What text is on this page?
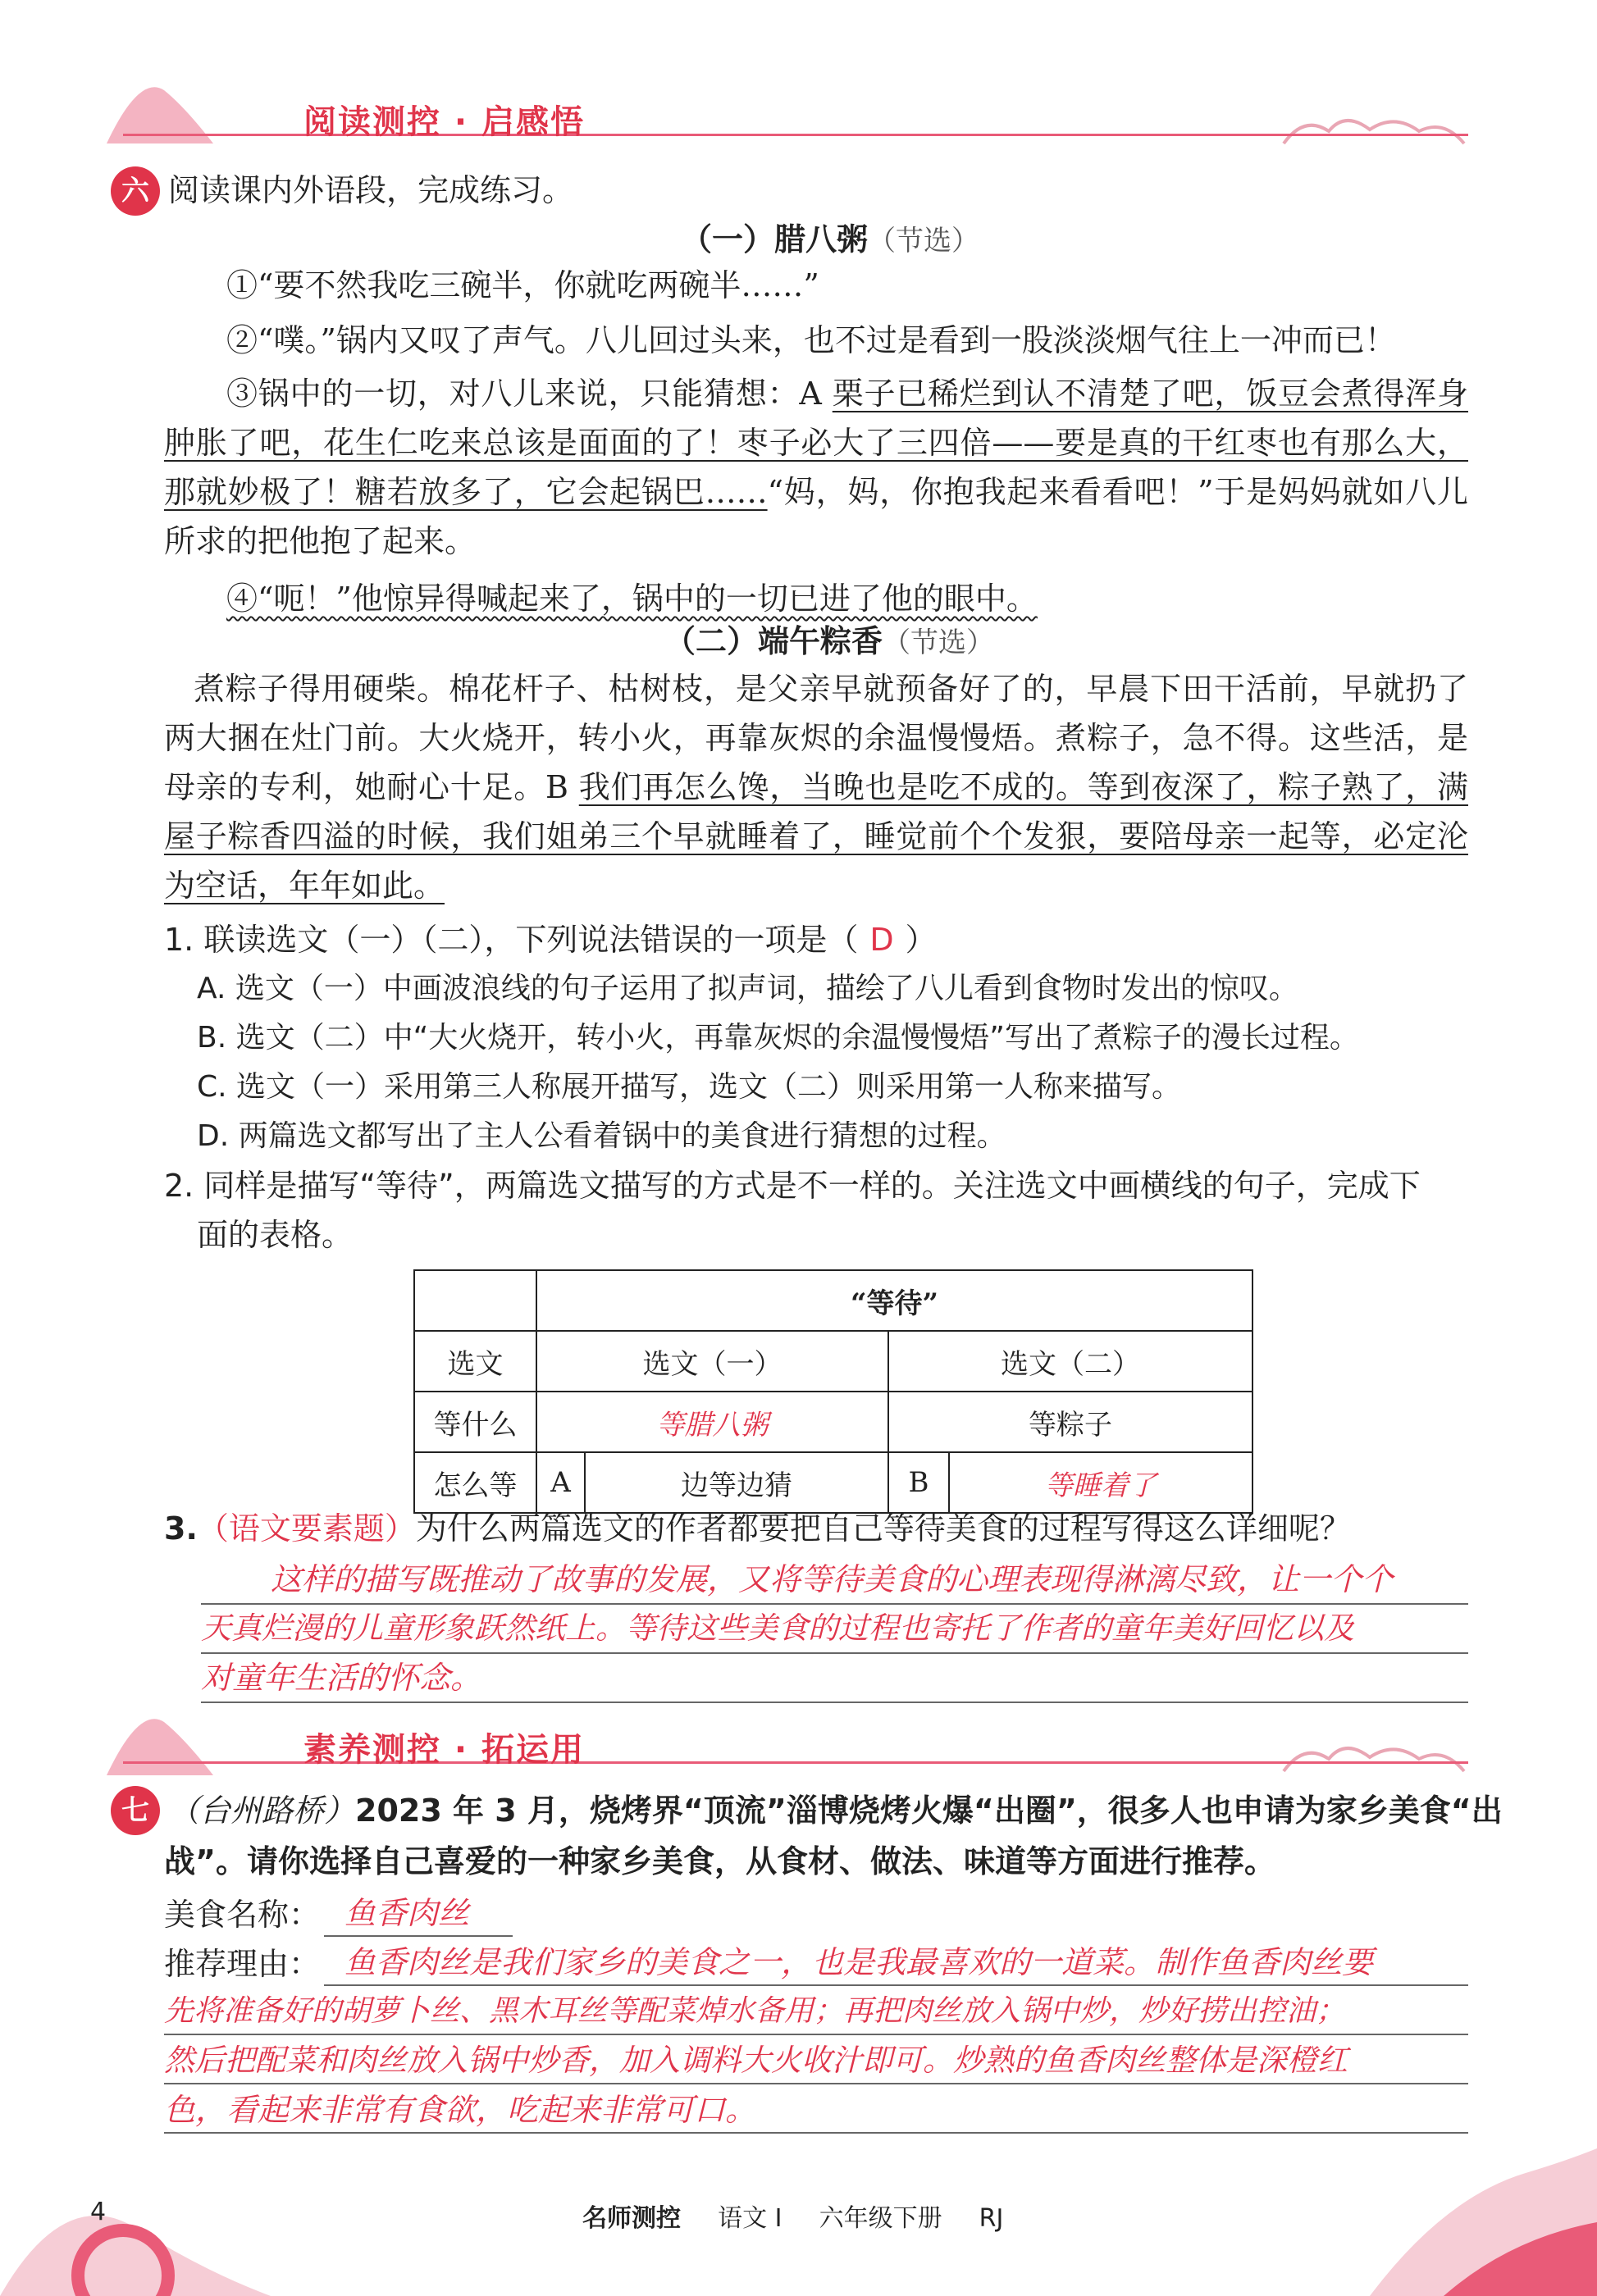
阅读测控 · 启感悟
六 阅读课内外语段，完成练习。
（一）腊八粥（节选）
①“要不然我吃三碗半，你就吃两碗半……”
②“噗。”锅内又叹了声气。八儿回过头来，也不过是看到一股淡淡烟气往上一冲而已！
③锅中的一切，对八儿来说，只能猜想：A 栗子已稀烂到认不清楚了吧，饭豆会煮得浑身肿胀了吧，花生仁吃来总该是面面的了！枣子必大了三四倍——要是真的干红枣也有那么大，那就妙极了！糖若放多了，它会起锅巴……“妈，妈，你抱我起来看看吧！”于是妈妈就如八儿所求的把他抱了起来。
④“呃！”他惊异得喊起来了，锅中的一切已进了他的眼中。
（二）端午粽香（节选）
煮粽子得用硬柴。棉花杆子、枯树枝，是父亲早就预备好了的，早晨下田干活前，早就扔了两大捆在灶门前。大火烧开，转小火，再靠灰烬的余温慢慢焐。煮粽子，急不得。这些活，是母亲的专利，她耐心十足。B 我们再怎么馋，当晚也是吃不成的。等到夜深了，粽子熟了，满屋子粽香四溢的时候，我们姐弟三个早就睡着了，睡觉前个个发狠，要陪母亲一起等，必定沦为空话，年年如此。
1. 联读选文（一）（二），下列说法错误的一项是（ D ）
A. 选文（一）中画波浪线的句子运用了拟声词，描绘了八儿看到食物时发出的惊叹。
B. 选文（二）中“大火烧开，转小火，再靠灰烬的余温慢慢焐”写出了煮粽子的漫长过程。
C. 选文（一）采用第三人称展开描写，选文（二）则采用第一人称来描写。
D. 两篇选文都写出了主人公看着锅中的美食进行猜想的过程。
2. 同样是描写“等待”，两篇选文描写的方式是不一样的。关注选文中画横线的句子，完成下
面的表格。
	“等待”			
选文	选文（一）		选文（二）	
等什么	等腊八粥		等粽子	
怎么等	A	边等边猜	B	等睡着了
3.（语文要素题）为什么两篇选文的作者都要把自己等待美食的过程写得这么详细呢？
这样的描写既推动了故事的发展，又将等待美食的心理表现得淋漓尽致，让一个个
天真烂漫的儿童形象跃然纸上。等待这些美食的过程也寄托了作者的童年美好回忆以及
对童年生活的怀念。
素养测控 · 拓运用
七 （台州路桥）2023 年 3 月，烧烤界“顶流”淄博烧烤火爆“出圈”，很多人也申请为家乡美食“出
战”。请你选择自己喜爱的一种家乡美食，从食材、做法、味道等方面进行推荐。
美食名称： 鱼香肉丝
推荐理由： 鱼香肉丝是我们家乡的美食之一，也是我最喜欢的一道菜。制作鱼香肉丝要
先将准备好的胡萝卜丝、黑木耳丝等配菜焯水备用；再把肉丝放入锅中炒，炒好捞出控油；
然后把配菜和肉丝放入锅中炒香，加入调料大火收汁即可。炒熟的鱼香肉丝整体是深橙红
色，看起来非常有食欲，吃起来非常可口。
4	名师测控 语文 I 六年级下册 RJ
